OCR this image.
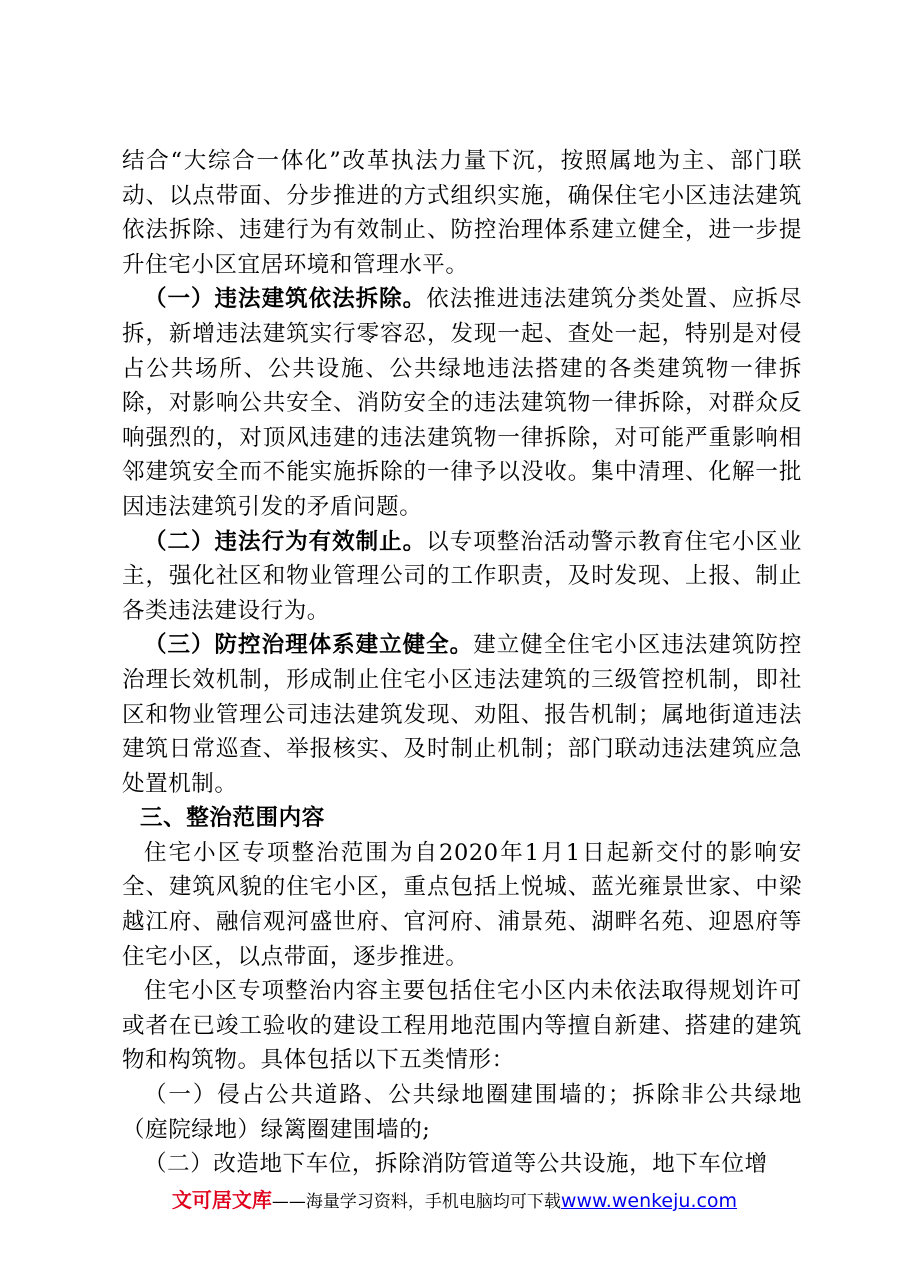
结合“大综合一体化”改革执法力量下沉，按照属地为主、部门联动、以点带面、分步推进的方式组织实施，确保住宅小区违法建筑依法拆除、违建行为有效制止、防控治理体系建立健全，进一步提升住宅小区宜居环境和管理水平。

（一）违法建筑依法拆除。依法推进违法建筑分类处置、应拆尽拆，新增违法建筑实行零容忍，发现一起、查处一起，特别是对侵占公共场所、公共设施、公共绿地违法搭建的各类建筑物一律拆除，对影响公共安全、消防安全的违法建筑物一律拆除，对群众反响强烈的，对顶风违建的违法建筑物一律拆除，对可能严重影响相邻建筑安全而不能实施拆除的一律予以没收。集中清理、化解一批因违法建筑引发的矛盾问题。

（二）违法行为有效制止。以专项整治活动警示教育住宅小区业主，强化社区和物业管理公司的工作职责，及时发现、上报、制止各类违法建设行为。

（三）防控治理体系建立健全。建立健全住宅小区违法建筑防控治理长效机制，形成制止住宅小区违法建筑的三级管控机制，即社区和物业管理公司违法建筑发现、劝阻、报告机制；属地街道违法建筑日常巡查、举报核实、及时制止机制；部门联动违法建筑应急处置机制。

三、整治范围内容

住宅小区专项整治范围为自2020年1月1日起新交付的影响安全、建筑风貌的住宅小区，重点包括上悦城、蓝光雍景世家、中梁越江府、融信观河盛世府、官河府、浦景苑、湖畔名苑、迎恩府等住宅小区，以点带面，逐步推进。

住宅小区专项整治内容主要包括住宅小区内未依法取得规划许可或者在已竣工验收的建设工程用地范围内等擅自新建、搭建的建筑物和构筑物。具体包括以下五类情形：

（一）侵占公共道路、公共绿地圈建围墙的；拆除非公共绿地（庭院绿地）绿篱圈建围墙的;

（二）改造地下车位，拆除消防管道等公共设施，地下车位增

文可居文库——海量学习资料，手机电脑均可下载www.wenkeju.com
